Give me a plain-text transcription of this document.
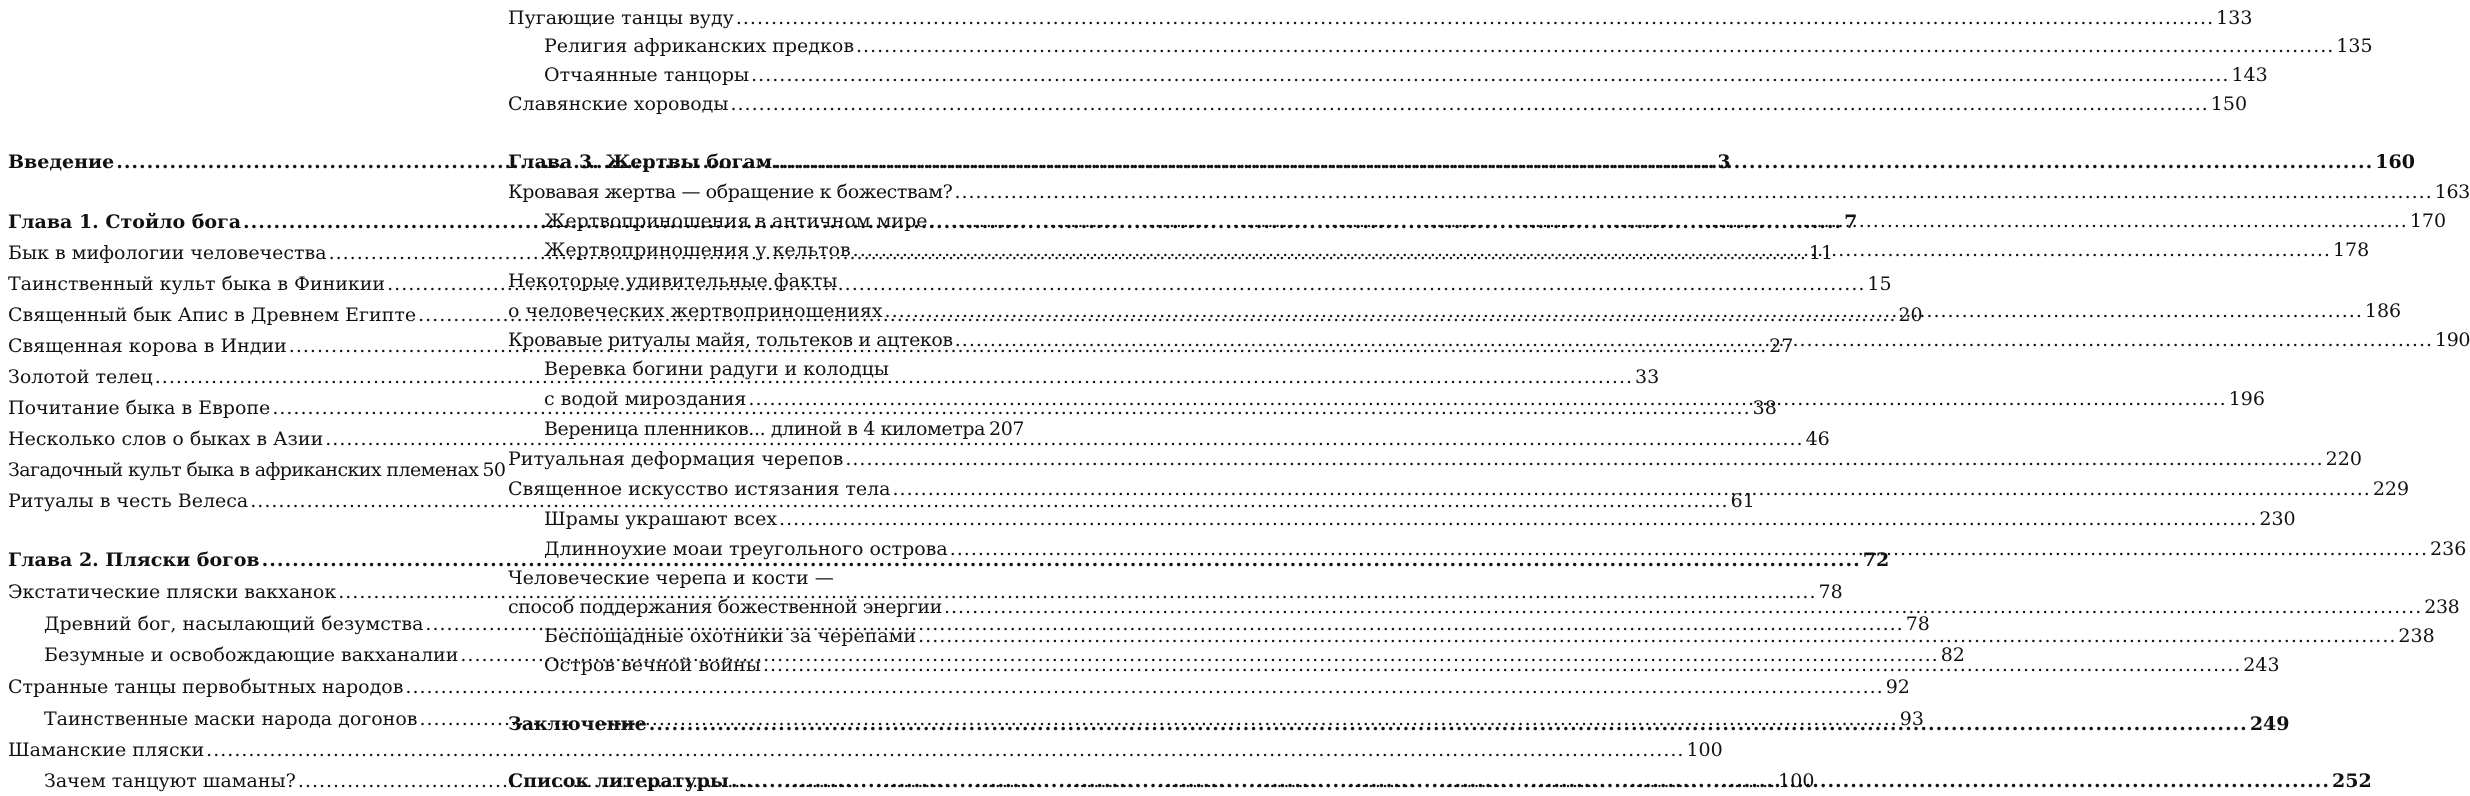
Введение .....	3
Глава 1. Стойло бога .....	7
Бык в мифологии человечества .....	11
Таинственный культ быка в Финикии .....	15
Священный бык Апис в Древнем Египте .....	20
Священная корова в Индии .....	27
Золотой телец .....	33
Почитание быка в Европе .....	38
Несколько слов о быках в Азии .....	46
Загадочный культ быка в африканских племенах 50
Ритуалы в честь Велеса .....	61
Глава 2. Пляски богов .....	72
Экстатические пляски вакханок .....	78
Древний бог, насылающий безумства .....	78
Безумные и освобождающие вакханалии .....	82
Странные танцы первобытных народов .....	92
Таинственные маски народа догонов .....	93
Шаманские пляски .....	100
Зачем танцуют шаманы? .....	100
Пугающие танцы вуду .....	133
Религия африканских предков .....	135
Отчаянные танцоры .....	143
Славянские хороводы .....	150
Глава 3. Жертвы богам .....	160
Кровавая жертва — обращение к божествам? .....	163
Жертвоприношения в античном мире .....	170
Жертвоприношения у кельтов .....	178
Некоторые удивительные факты
о человеческих жертвоприношениях .....	186
Кровавые ритуалы майя, тольтеков и ацтеков .....	190
Веревка богини радуги и колодцы
с водой мироздания .....	196
Вереница пленников... длиной в 4 километра 207
Ритуальная деформация черепов .....	220
Священное искусство истязания тела .....	229
Шрамы украшают всех .....	230
Длинноухие моаи треугольного острова .....	236
Человеческие черепа и кости —
способ поддержания божественной энергии .....	238
Беспощадные охотники за черепами .....	238
Остров вечной войны .....	243
Заключение .....	249
Список литературы .....	252
